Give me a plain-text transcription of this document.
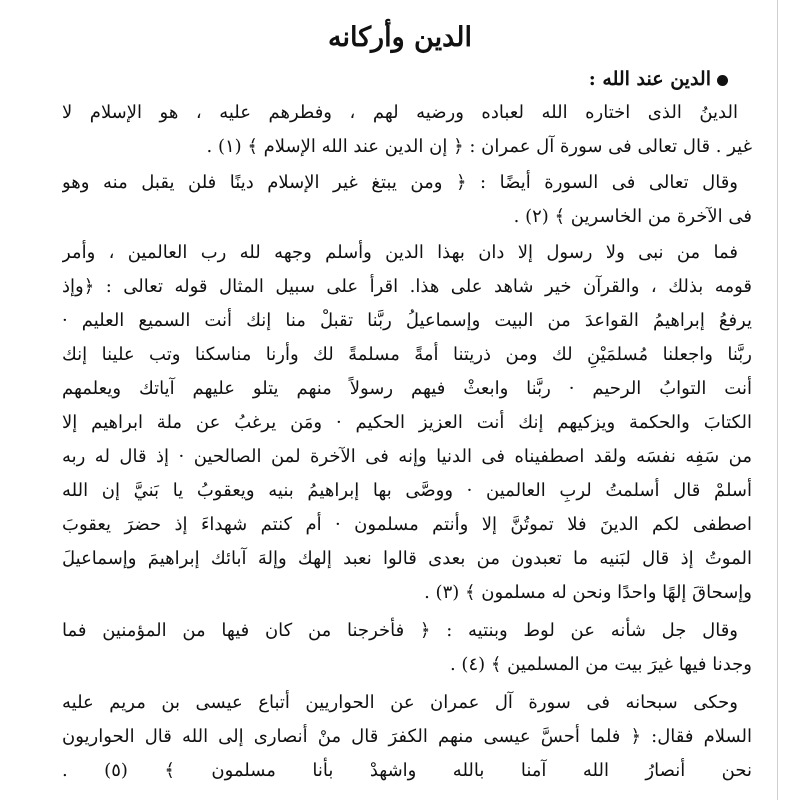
الدين وأركانه
الدين عند الله :
الدينُ الذى اختاره الله لعباده ورضيه لهم ، وفطرهم عليه ، هو الإسلام لا
غير . قال تعالى فى سورة آل عمران : ﴿ إن الدين عند الله الإسلام ﴾ (١) .
وقال تعالى فى السورة أيضًا : ﴿ ومن يبتغ غير الإسلام دينًا فلن يقبل منه وهو
فى الآخرة من الخاسرين ﴾ (٢) .
فما من نبى ولا رسول إلا دان بهذا الدين وأسلم وجهه لله رب العالمين ، وأمر
قومه بذلك ، والقرآن خير شاهد على هذا. اقرأ على سبيل المثال قوله تعالى : ﴿وإذ
يرفعُ إبراهيمُ القواعدَ من البيت وإسماعيلُ ربَّنا تقبلْ منا إنك أنت السميع العليم ·
ربَّنا واجعلنا مُسلمَيْنِ لك ومن ذريتنا أمةً مسلمةً لك وأرنا مناسكنا وتب علينا إنك
أنت التوابُ الرحيم · ربَّنا وابعثْ فيهم رسولاً منهم يتلو عليهم آياتك ويعلمهم
الكتابَ والحكمة ويزكيهم إنك أنت العزيز الحكيم · ومَن يرغبُ عن ملة ابراهيم إلا
من سَفِه نفسَه ولقد اصطفيناه فى الدنيا وإنه فى الآخرة لمن الصالحين · إذ قال له ربه
أسلمْ قال أسلمتُ لربِ العالمين · ووصَّى بها إبراهيمُ بنيه ويعقوبُ يا بَنيَّ إن الله
اصطفى لكم الدينَ فلا تموتُنَّ إلا وأنتم مسلمون · أم كنتم شهداءَ إذ حضرَ يعقوبَ
الموتُ إذ قال لبَنيه ما تعبدون من بعدى قالوا نعبد إلهك وإلهَ آبائك إبراهيمَ وإسماعيلَ
وإسحاقَ إلهًا واحدًا ونحن له مسلمون ﴾ (٣) .
وقال جل شأنه عن لوط وبنتيه : ﴿ فأخرجنا من كان فيها من المؤمنين فما
وجدنا فيها غيرَ بيت من المسلمين ﴾ (٤) .
وحكى سبحانه فى سورة آل عمران عن الحواريين أتباع عيسى بن مريم عليه
السلام فقال: ﴿ فلما أحسَّ عيسى منهم الكفرَ قال منْ أنصارى إلى الله قال الحواريون
نحن أنصارُ الله آمنا بالله واشهدْ بأنا مسلمون ﴾ (٥) .
